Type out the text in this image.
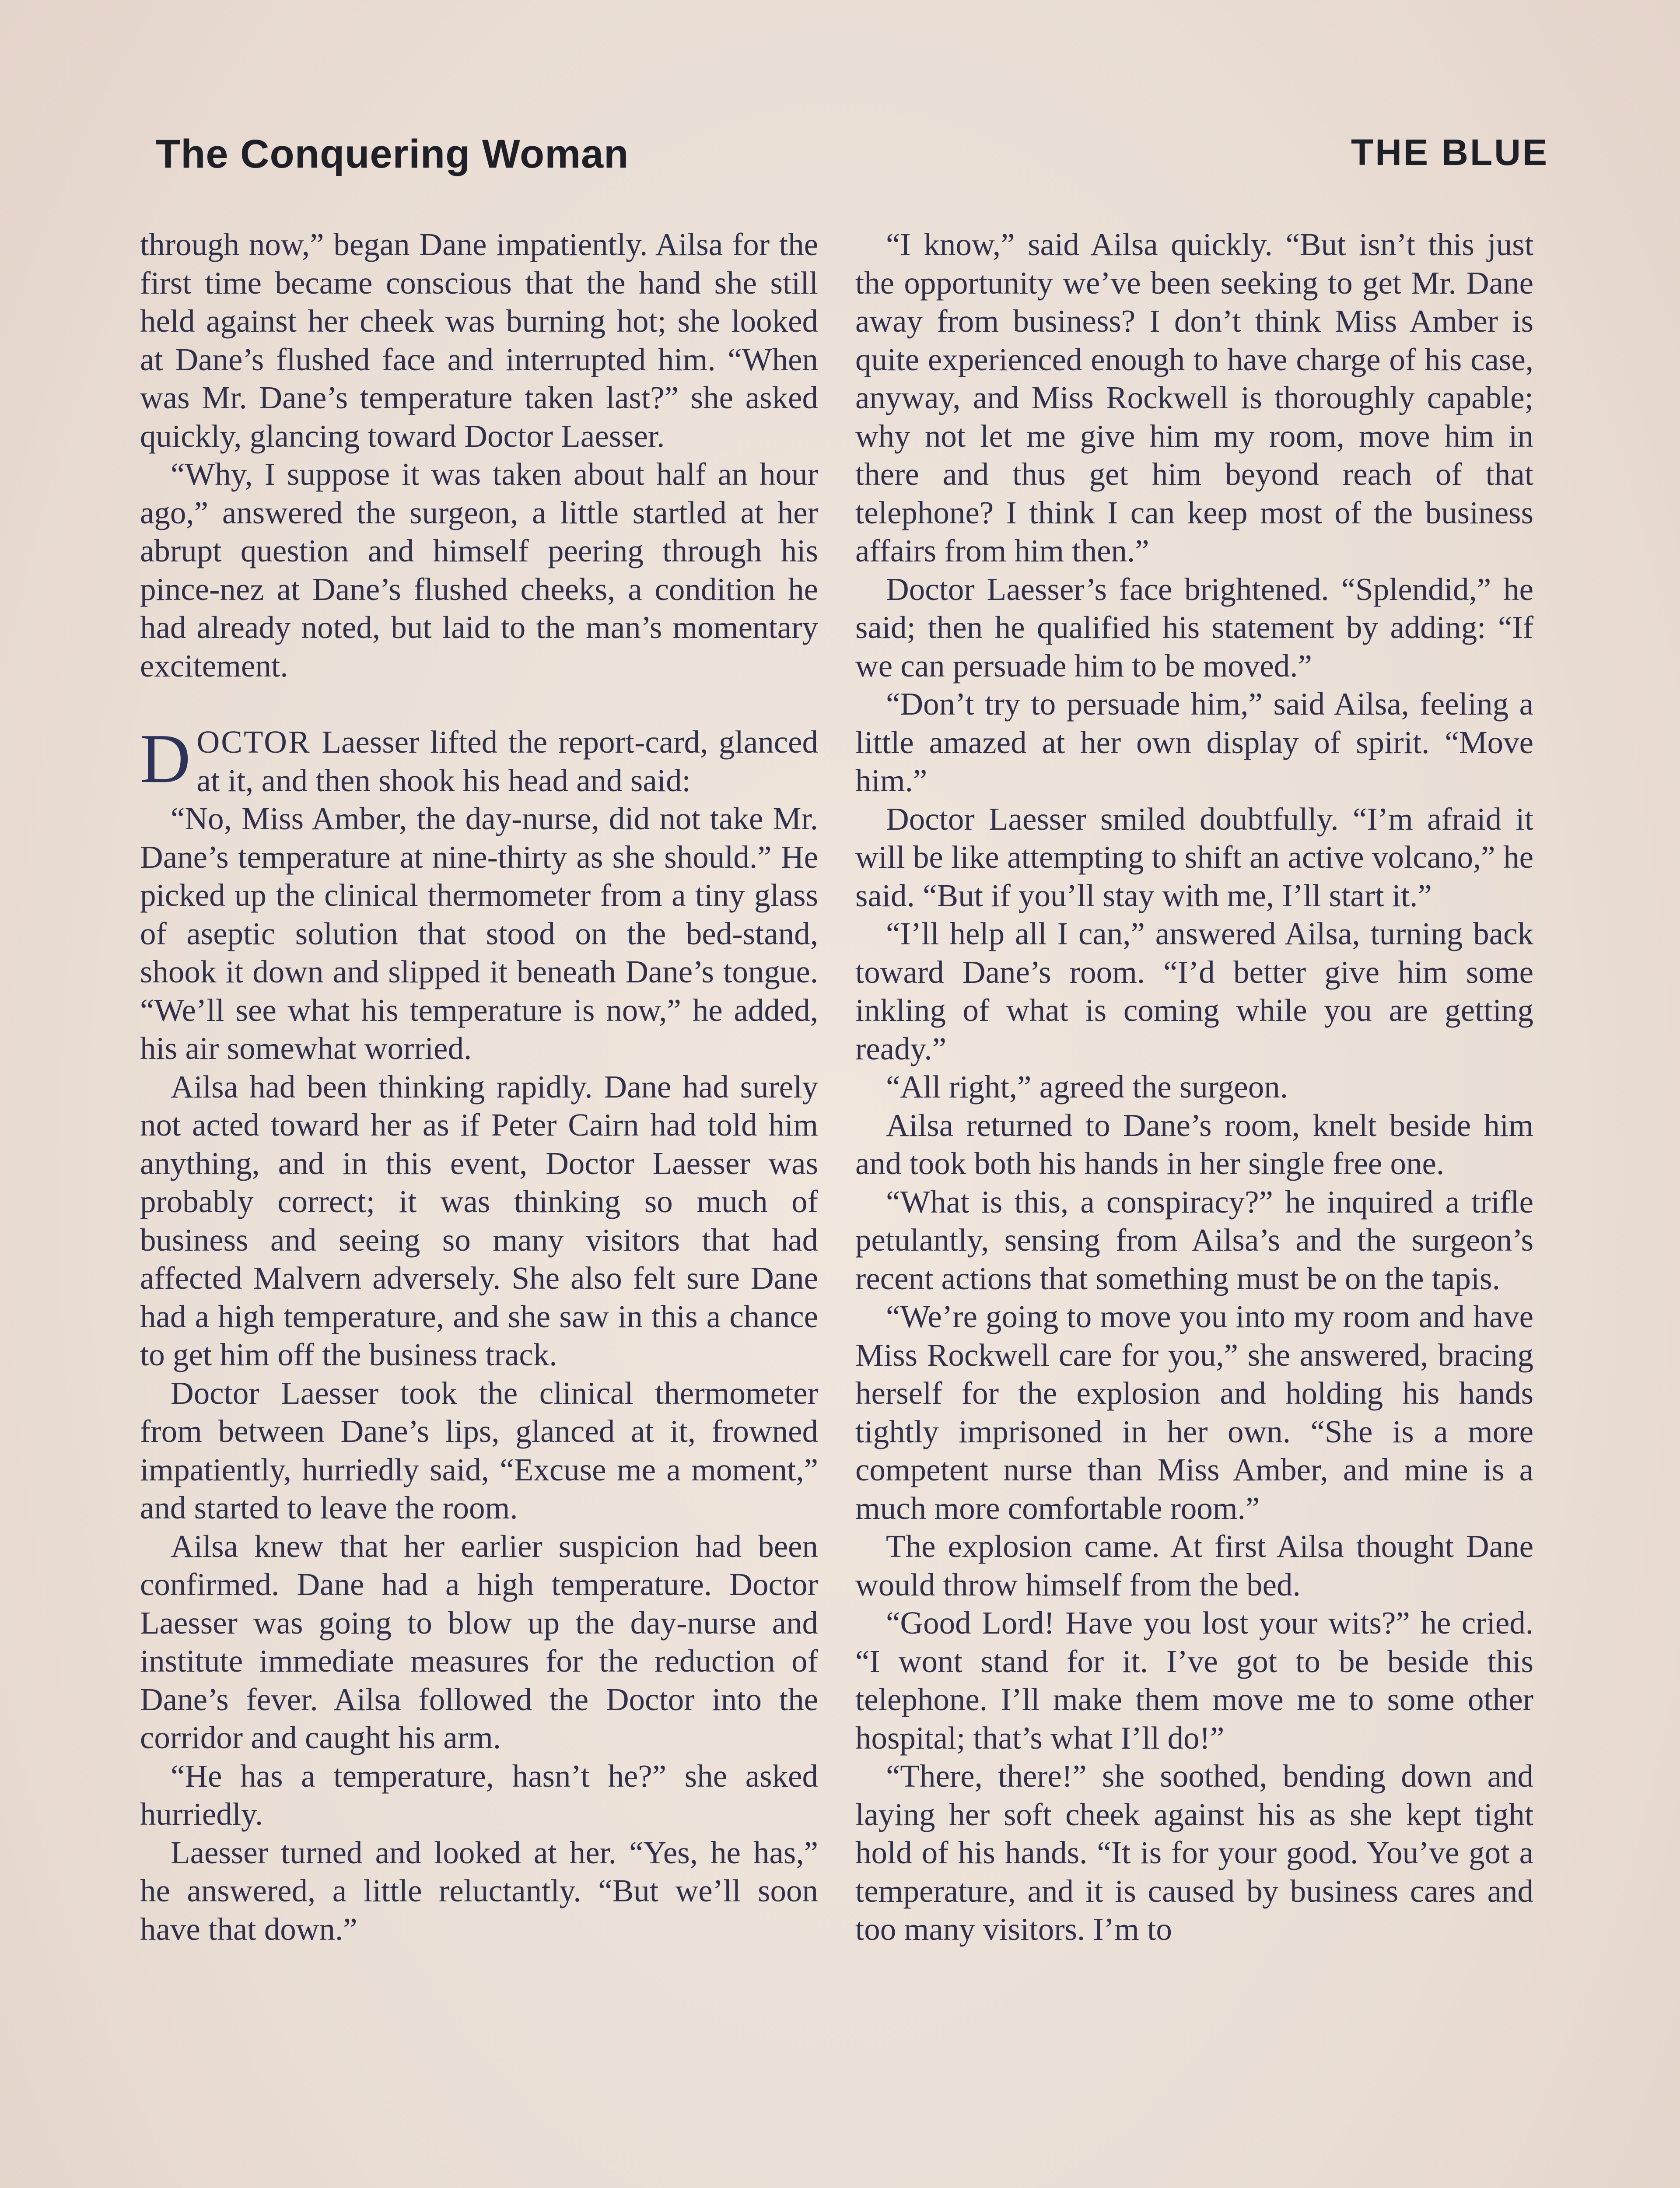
The Conquering Woman	THE BLUE

through now,” began Dane impatiently. Ailsa for the first time became conscious that the hand she still held against her cheek was burning hot; she looked at Dane’s flushed face and interrupted him. “When was Mr. Dane’s temperature taken last?” she asked quickly, glancing toward Doctor Laesser.

“Why, I suppose it was taken about half an hour ago,” answered the surgeon, a little startled at her abrupt question and himself peering through his pince-nez at Dane’s flushed cheeks, a condition he had already noted, but laid to the man’s momentary excitement.

DOCTOR Laesser lifted the report-card, glanced at it, and then shook his head and said:

“No, Miss Amber, the day-nurse, did not take Mr. Dane’s temperature at nine-thirty as she should.” He picked up the clinical thermometer from a tiny glass of aseptic solution that stood on the bed-stand, shook it down and slipped it beneath Dane’s tongue. “We’ll see what his temperature is now,” he added, his air somewhat worried.

Ailsa had been thinking rapidly. Dane had surely not acted toward her as if Peter Cairn had told him anything, and in this event, Doctor Laesser was probably correct; it was thinking so much of business and seeing so many visitors that had affected Malvern adversely. She also felt sure Dane had a high temperature, and she saw in this a chance to get him off the business track.

Doctor Laesser took the clinical thermometer from between Dane’s lips, glanced at it, frowned impatiently, hurriedly said, “Excuse me a moment,” and started to leave the room.

Ailsa knew that her earlier suspicion had been confirmed. Dane had a high temperature. Doctor Laesser was going to blow up the day-nurse and institute immediate measures for the reduction of Dane’s fever. Ailsa followed the Doctor into the corridor and caught his arm.

“He has a temperature, hasn’t he?” she asked hurriedly.

Laesser turned and looked at her. “Yes, he has,” he answered, a little reluctantly. “But we’ll soon have that down.”

“I know,” said Ailsa quickly. “But isn’t this just the opportunity we’ve been seeking to get Mr. Dane away from business? I don’t think Miss Amber is quite experienced enough to have charge of his case, anyway, and Miss Rockwell is thoroughly capable; why not let me give him my room, move him in there and thus get him beyond reach of that telephone? I think I can keep most of the business affairs from him then.”

Doctor Laesser’s face brightened. “Splendid,” he said; then he qualified his statement by adding: “If we can persuade him to be moved.”

“Don’t try to persuade him,” said Ailsa, feeling a little amazed at her own display of spirit. “Move him.”

Doctor Laesser smiled doubtfully. “I’m afraid it will be like attempting to shift an active volcano,” he said. “But if you’ll stay with me, I’ll start it.”

“I’ll help all I can,” answered Ailsa, turning back toward Dane’s room. “I’d better give him some inkling of what is coming while you are getting ready.”

“All right,” agreed the surgeon.

Ailsa returned to Dane’s room, knelt beside him and took both his hands in her single free one.

“What is this, a conspiracy?” he inquired a trifle petulantly, sensing from Ailsa’s and the surgeon’s recent actions that something must be on the tapis.

“We’re going to move you into my room and have Miss Rockwell care for you,” she answered, bracing herself for the explosion and holding his hands tightly imprisoned in her own. “She is a more competent nurse than Miss Amber, and mine is a much more comfortable room.”

The explosion came. At first Ailsa thought Dane would throw himself from the bed.

“Good Lord! Have you lost your wits?” he cried. “I wont stand for it. I’ve got to be beside this telephone. I’ll make them move me to some other hospital; that’s what I’ll do!”

“There, there!” she soothed, bending down and laying her soft cheek against his as she kept tight hold of his hands. “It is for your good. You’ve got a temperature, and it is caused by business cares and too many visitors. I’m to
